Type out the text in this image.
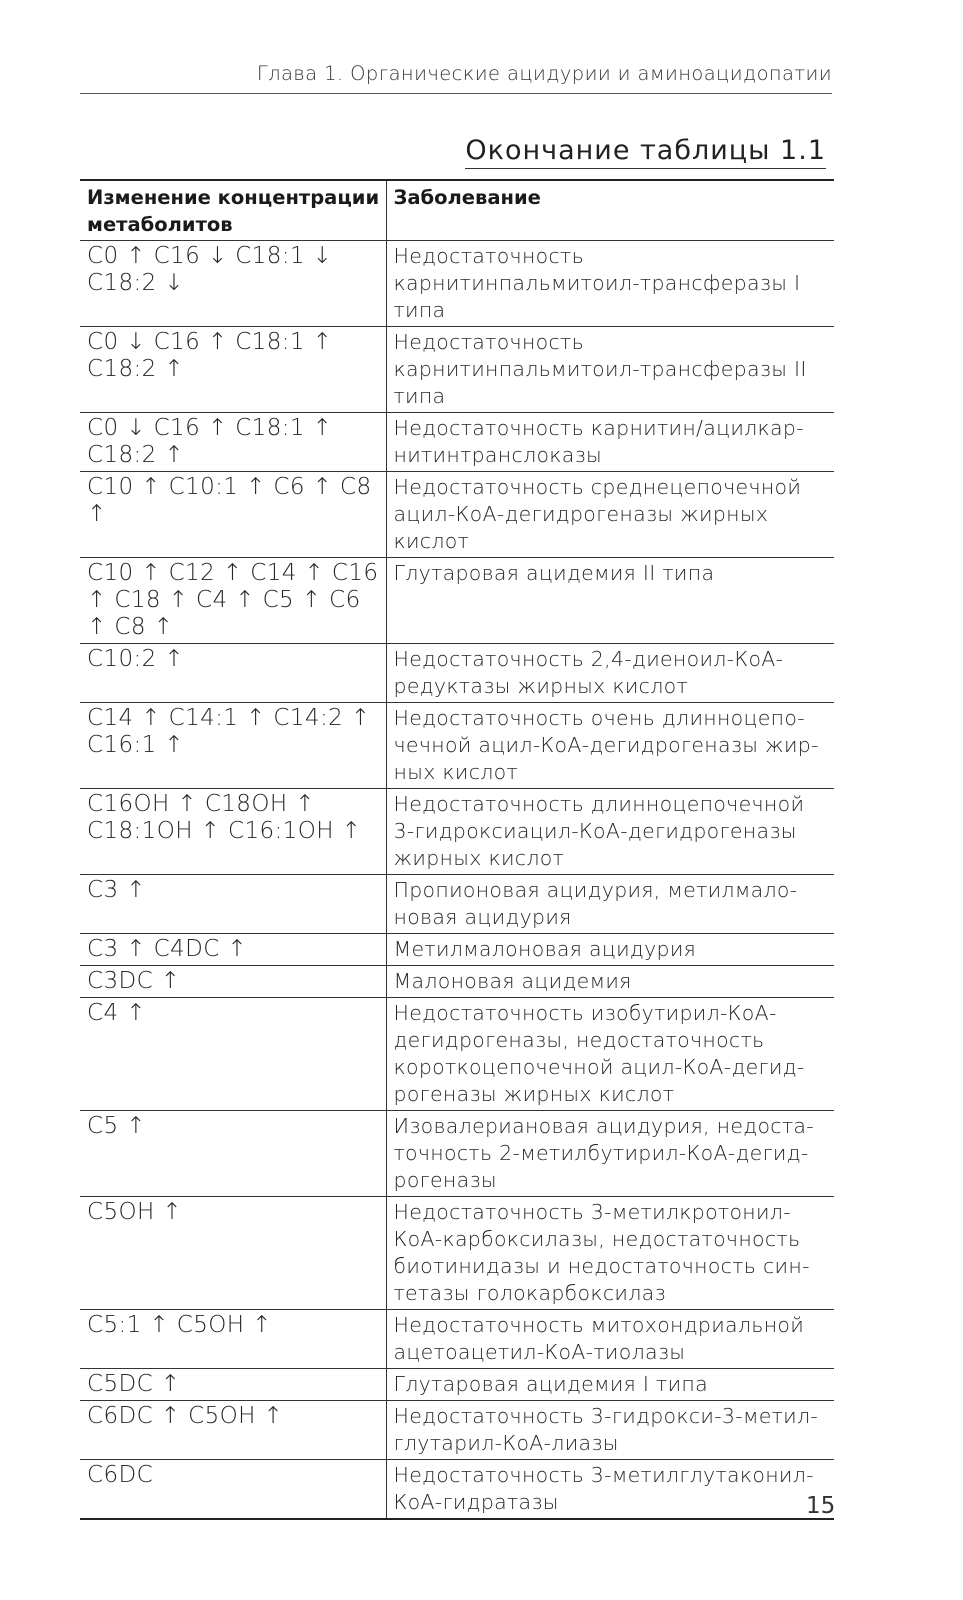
Глава 1. Органические ацидурии и аминоацидопатии
Окончание таблицы 1.1
Изменение концентрации метаболитов	Заболевание
C0 ↑ C16 ↓ C18:1 ↓ C18:2 ↓	Недостаточность карнитинпальмитоил-трансферазы I типа
C0 ↓ C16 ↑ C18:1 ↑ C18:2 ↑	Недостаточность карнитинпальмитоил-трансферазы II типа
C0 ↓ C16 ↑ C18:1 ↑ C18:2 ↑	Недостаточность карнитин/ацилкар-нитинтранслоказы
C10 ↑ C10:1 ↑ C6 ↑ C8 ↑	Недостаточность среднецепочечной ацил-КоА-дегидрогеназы жирных кислот
C10 ↑ C12 ↑ C14 ↑ C16 ↑ C18 ↑ C4 ↑ C5 ↑ C6 ↑ C8 ↑	Глутаровая ацидемия II типа
C10:2 ↑	Недостаточность 2,4-диеноил-КоА-редуктазы жирных кислот
C14 ↑ C14:1 ↑ C14:2 ↑ C16:1 ↑	Недостаточность очень длинноцепо-чечной ацил-КоА-дегидрогеназы жир-ных кислот
C16OH ↑ C18OH ↑ C18:1OH ↑ C16:1OH ↑	Недостаточность длинноцепочечной 3-гидроксиацил-КоА-дегидрогеназы жирных кислот
C3 ↑	Пропионовая ацидурия, метилмало-новая ацидурия
C3 ↑ C4DC ↑	Метилмалоновая ацидурия
C3DC ↑	Малоновая ацидемия
C4 ↑	Недостаточность изобутирил-КоА-дегидрогеназы, недостаточность короткоцепочечной ацил-КоА-дегид-рогеназы жирных кислот
C5 ↑	Изовалериановая ацидурия, недоста-точность 2-метилбутирил-КоА-дегид-рогеназы
C5OH ↑	Недостаточность 3-метилкротонил-КоА-карбоксилазы, недостаточность биотинидазы и недостаточность син-тетазы голокарбоксилаз
C5:1 ↑ C5OH ↑	Недостаточность митохондриальной ацетоацетил-КоА-тиолазы
C5DC ↑	Глутаровая ацидемия I типа
C6DC ↑ C5OH ↑	Недостаточность 3-гидрокси-3-метил-глутарил-КоА-лиазы
C6DC	Недостаточность 3-метилглутаконил-КоА-гидратазы	15
